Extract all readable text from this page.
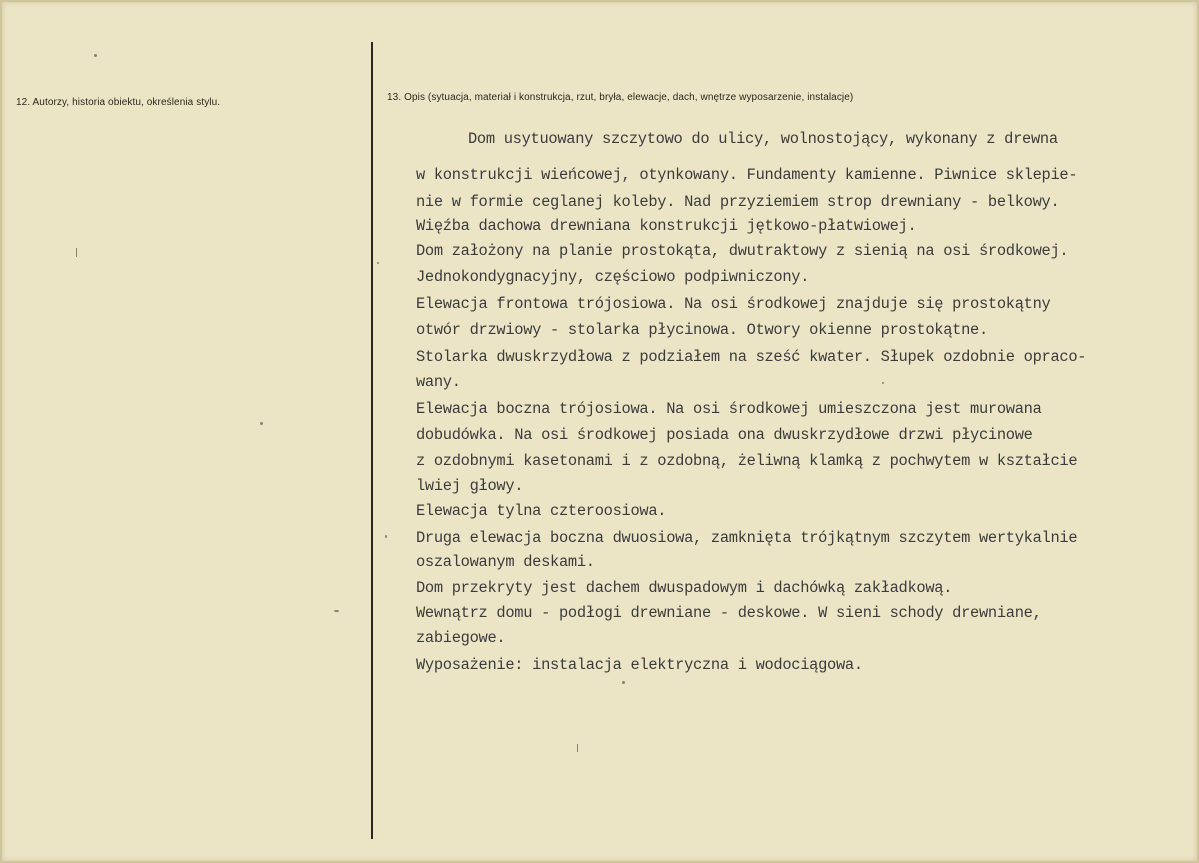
12. Autorzy, historia obiektu, określenia stylu.	13. Opis (sytuacja, materiał i konstrukcja, rzut, bryła, elewacje, dach, wnętrze wyposarzenie, instalacje)

Dom usytuowany szczytowo do ulicy, wolnostojący, wykonany z drewna

w konstrukcji wieńcowej, otynkowany. Fundamenty kamienne. Piwnice sklepie-

nie w formie ceglanej koleby. Nad przyziemiem strop drewniany - belkowy.

Więźba dachowa drewniana konstrukcji jętkowo-płatwiowej.

Dom założony na planie prostokąta, dwutraktowy z sienią na osi środkowej.

Jednokondygnacyjny, częściowo podpiwniczony.

Elewacja frontowa trójosiowa. Na osi środkowej znajduje się prostokątny

otwór drzwiowy - stolarka płycinowa. Otwory okienne prostokątne.

Stolarka dwuskrzydłowa z podziałem na sześć kwater. Słupek ozdobnie opraco-

wany.

Elewacja boczna trójosiowa. Na osi środkowej umieszczona jest murowana

dobudówka. Na osi środkowej posiada ona dwuskrzydłowe drzwi płycinowe

z ozdobnymi kasetonami i z ozdobną, żeliwną klamką z pochwytem w kształcie

lwiej głowy.

Elewacja tylna czteroosiowa.

Druga elewacja boczna dwuosiowa, zamknięta trójkątnym szczytem wertykalnie

oszalowanym deskami.

Dom przekryty jest dachem dwuspadowym i dachówką zakładkową.

Wewnątrz domu - podłogi drewniane - deskowe. W sieni schody drewniane,

zabiegowe.

Wyposażenie: instalacja elektryczna i wodociągowa.
